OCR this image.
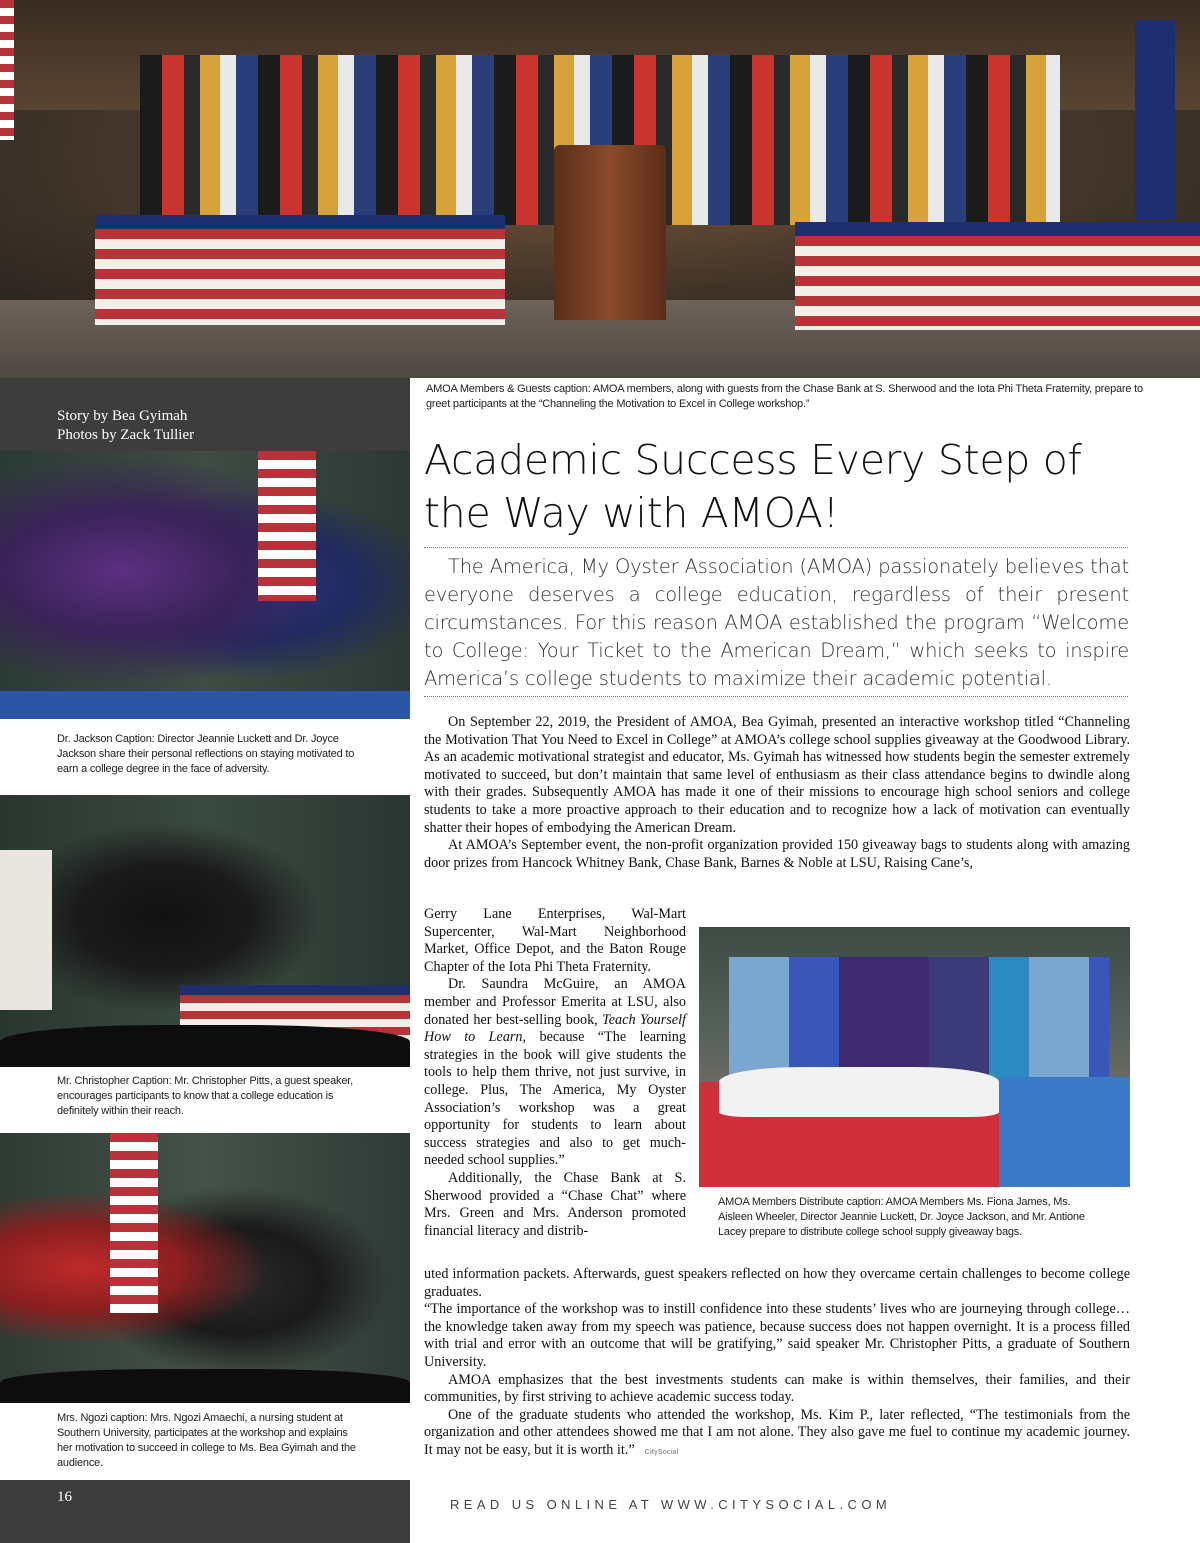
Story by Bea Gyimah
Photos by Zack Tullier
Dr. Jackson Caption: Director Jeannie Luckett and Dr. Joyce Jackson share their personal reflections on staying motivated to earn a college degree in the face of adversity.
Mr. Christopher Caption: Mr. Christopher Pitts, a guest speaker, encourages participants to know that a college education is definitely within their reach.
Mrs. Ngozi caption: Mrs. Ngozi Amaechi, a nursing student at Southern University, participates at the workshop and explains her motivation to succeed in college to Ms. Bea Gyimah and the audience.
16
AMOA Members & Guests caption: AMOA members, along with guests from the Chase Bank at S. Sherwood and the Iota Phi Theta Fraternity, prepare to greet participants at the “Channeling the Motivation to Excel in College workshop.”
Academic Success Every Step of the Way with AMOA!

The America, My Oyster Association (AMOA) passionately believes that everyone deserves a college education, regardless of their present circumstances. For this reason AMOA established the program “Welcome to College: Your Ticket to the American Dream,” which seeks to inspire America’s college students to maximize their academic potential.

On September 22, 2019, the President of AMOA, Bea Gyimah, presented an interactive workshop titled “Channeling the Motivation That You Need to Excel in College” at AMOA’s college school supplies giveaway at the Goodwood Library. As an academic motivational strategist and educator, Ms. Gyimah has witnessed how students begin the semester extremely motivated to succeed, but don’t maintain that same level of enthusiasm as their class attendance begins to dwindle along with their grades. Subsequently AMOA has made it one of their missions to encourage high school seniors and college students to take a more proactive approach to their education and to recognize how a lack of motivation can eventually shatter their hopes of embodying the American Dream.

At AMOA’s September event, the non-profit organization provided 150 giveaway bags to students along with amazing door prizes from Hancock Whitney Bank, Chase Bank, Barnes & Noble at LSU, Raising Cane’s,

Gerry Lane Enterprises, Wal-Mart Supercenter, Wal-Mart Neighborhood Market, Office Depot, and the Baton Rouge Chapter of the Iota Phi Theta Fraternity.

Dr. Saundra McGuire, an AMOA member and Professor Emerita at LSU, also donated her best-selling book, Teach Yourself How to Learn, because “The learning strategies in the book will give students the tools to help them thrive, not just survive, in college. Plus, The America, My Oyster Association’s workshop was a great opportunity for students to learn about success strategies and also to get much-needed school supplies.”

Additionally, the Chase Bank at S. Sherwood provided a “Chase Chat” where Mrs. Green and Mrs. Anderson promoted financial literacy and distrib-

AMOA Members Distribute caption: AMOA Members Ms. Fiona James, Ms. Aisleen Wheeler, Director Jeannie Luckett, Dr. Joyce Jackson, and Mr. Antione Lacey prepare to distribute college school supply giveaway bags.

uted information packets. Afterwards, guest speakers reflected on how they overcame certain challenges to become college graduates.

“The importance of the workshop was to instill confidence into these students’ lives who are journeying through college…the knowledge taken away from my speech was patience, because success does not happen overnight. It is a process filled with trial and error with an outcome that will be gratifying,” said speaker Mr. Christopher Pitts, a graduate of Southern University.

AMOA emphasizes that the best investments students can make is within themselves, their families, and their communities, by first striving to achieve academic success today.

One of the graduate students who attended the workshop, Ms. Kim P., later reflected, “The testimonials from the organization and other attendees showed me that I am not alone. They also gave me fuel to continue my academic journey. It may not be easy, but it is worth it.” CitySocial

READ US ONLINE AT WWW.CITYSOCIAL.COM
